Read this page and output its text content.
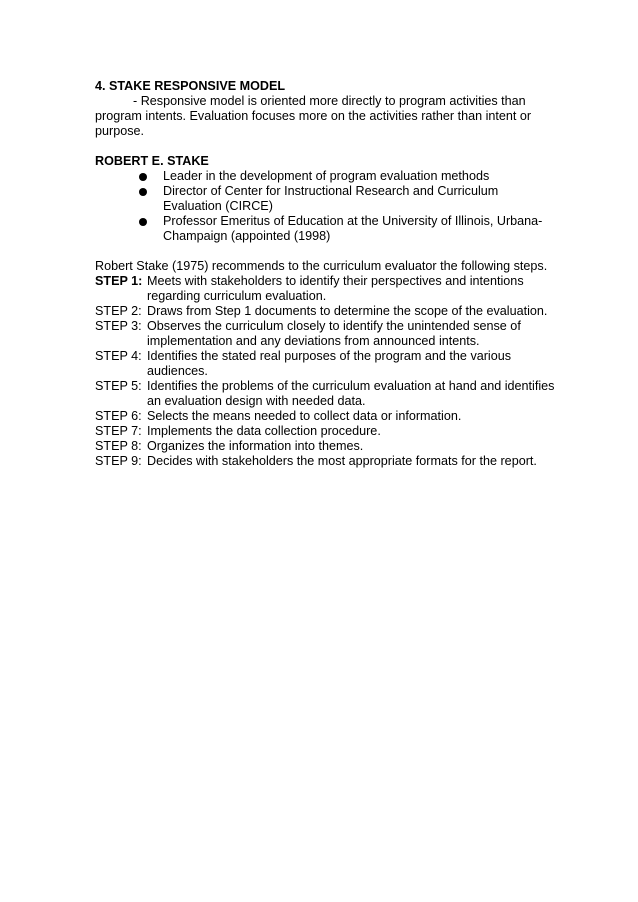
4. STAKE RESPONSIVE MODEL

- Responsive model is oriented more directly to program activities than program intents. Evaluation focuses more on the activities rather than intent or purpose.

ROBERT E. STAKE

Leader in the development of program evaluation methods
Director of Center for Instructional Research and Curriculum Evaluation (CIRCE)
Professor Emeritus of Education at the University of Illinois, Urbana-Champaign (appointed (1998)

Robert Stake (1975) recommends to the curriculum evaluator the following steps.

STEP 1: Meets with stakeholders to identify their perspectives and intentions regarding curriculum evaluation.
STEP 2: Draws from Step 1 documents to determine the scope of the evaluation.
STEP 3: Observes the curriculum closely to identify the unintended sense of implementation and any deviations from announced intents.
STEP 4: Identifies the stated real purposes of the program and the various audiences.
STEP 5: Identifies the problems of the curriculum evaluation at hand and identifies an evaluation design with needed data.
STEP 6: Selects the means needed to collect data or information.
STEP 7: Implements the data collection procedure.
STEP 8: Organizes the information into themes.
STEP 9: Decides with stakeholders the most appropriate formats for the report.
